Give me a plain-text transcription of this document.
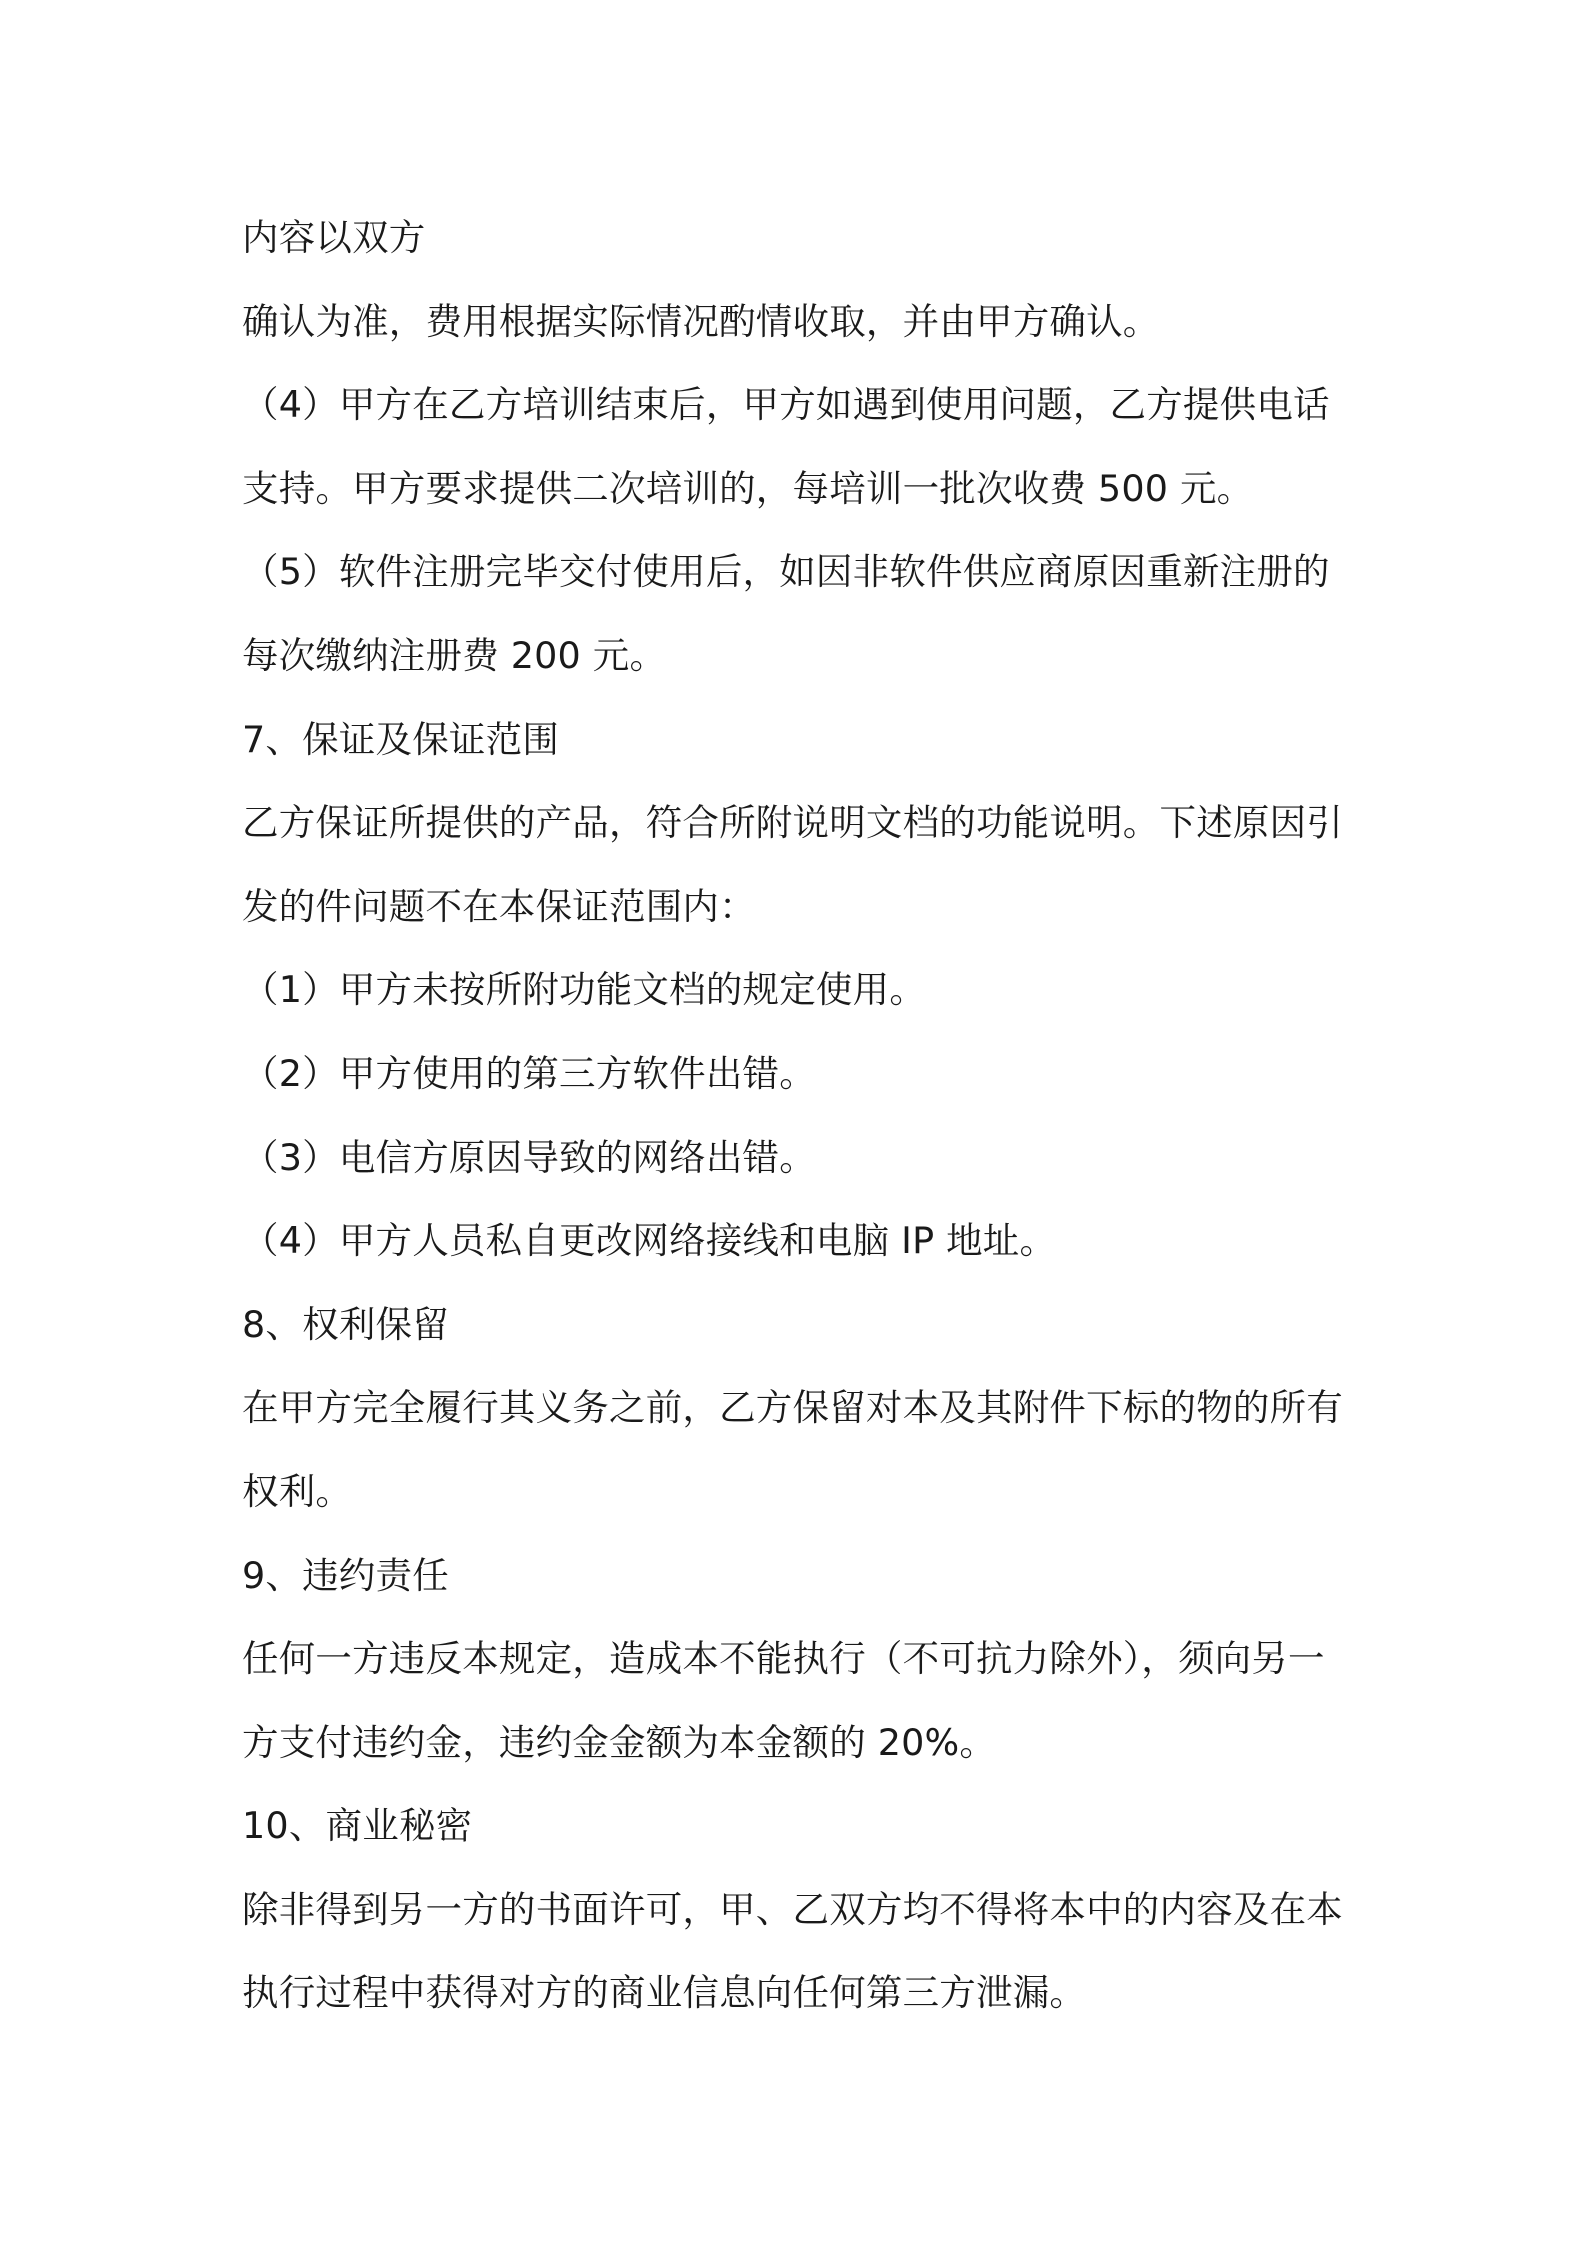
内容以双方

确认为准，费用根据实际情况酌情收取，并由甲方确认。

（4）甲方在乙方培训结束后，甲方如遇到使用问题，乙方提供电话

支持。甲方要求提供二次培训的，每培训一批次收费 500 元。

（5）软件注册完毕交付使用后，如因非软件供应商原因重新注册的

每次缴纳注册费 200 元。

7、保证及保证范围

乙方保证所提供的产品，符合所附说明文档的功能说明。下述原因引

发的件问题不在本保证范围内：

（1）甲方未按所附功能文档的规定使用。

（2）甲方使用的第三方软件出错。

（3）电信方原因导致的网络出错。

（4）甲方人员私自更改网络接线和电脑 IP 地址。

8、权利保留

在甲方完全履行其义务之前，乙方保留对本及其附件下标的物的所有

权利。

9、违约责任

任何一方违反本规定，造成本不能执行（不可抗力除外），须向另一

方支付违约金，违约金金额为本金额的 20%。

10、商业秘密

除非得到另一方的书面许可，甲、乙双方均不得将本中的内容及在本

执行过程中获得对方的商业信息向任何第三方泄漏。
